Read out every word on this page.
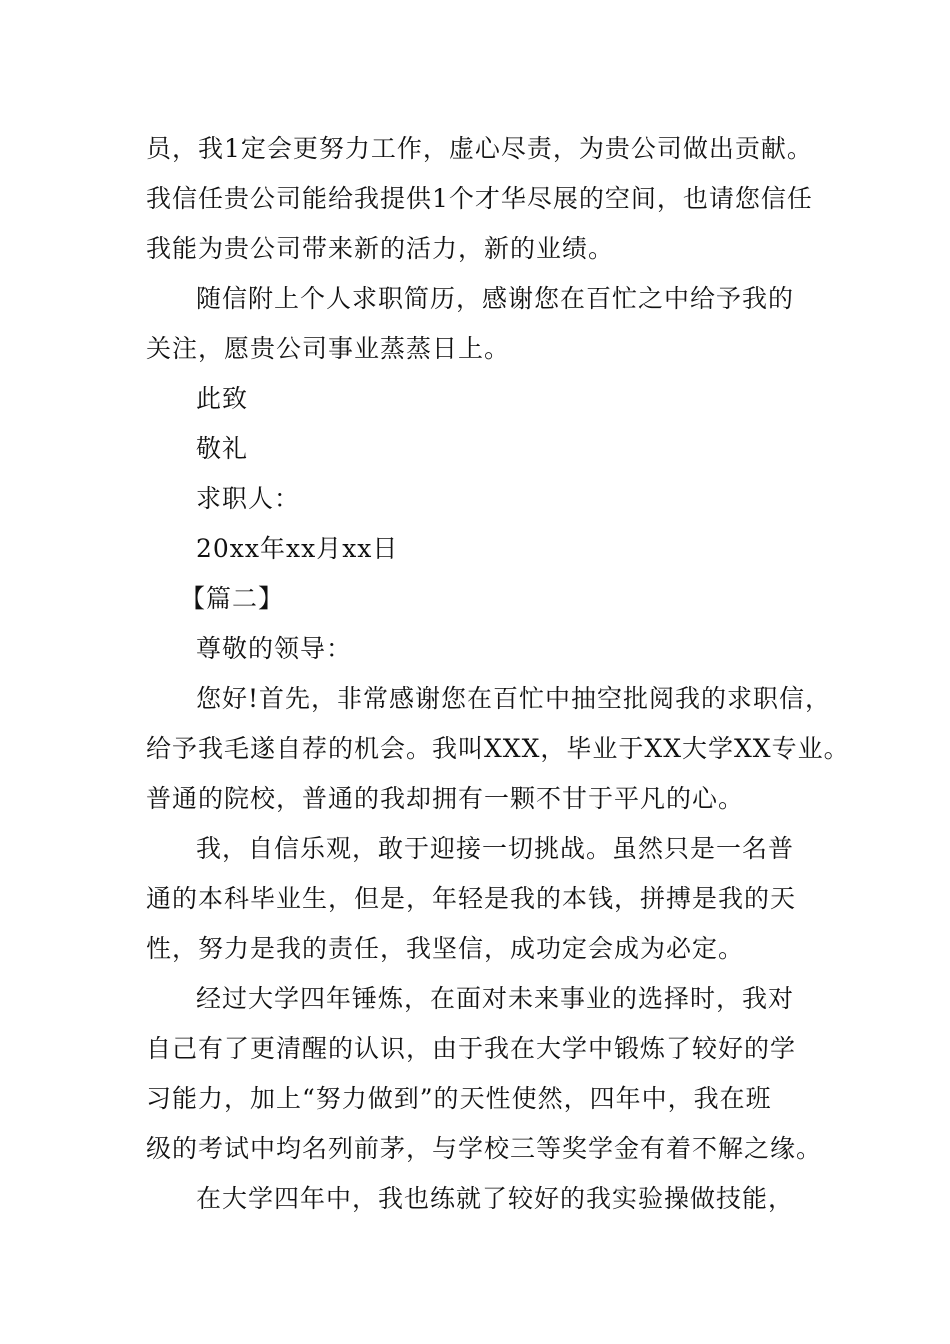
员，我1定会更努力工作，虚心尽责，为贵公司做出贡献。
我信任贵公司能给我提供1个才华尽展的空间，也请您信任
我能为贵公司带来新的活力，新的业绩。
随信附上个人求职简历，感谢您在百忙之中给予我的
关注，愿贵公司事业蒸蒸日上。
此致
敬礼
求职人：
20xx年xx月xx日
【篇二】
尊敬的领导：
您好!首先，非常感谢您在百忙中抽空批阅我的求职信，
给予我毛遂自荐的机会。我叫XXX，毕业于XX大学XX专业。
普通的院校，普通的我却拥有一颗不甘于平凡的心。
我，自信乐观，敢于迎接一切挑战。虽然只是一名普
通的本科毕业生，但是，年轻是我的本钱，拼搏是我的天
性，努力是我的责任，我坚信，成功定会成为必定。
经过大学四年锤炼，在面对未来事业的选择时，我对
自己有了更清醒的认识，由于我在大学中锻炼了较好的学
习能力，加上“努力做到”的天性使然，四年中，我在班
级的考试中均名列前茅，与学校三等奖学金有着不解之缘。
在大学四年中，我也练就了较好的我实验操做技能，
